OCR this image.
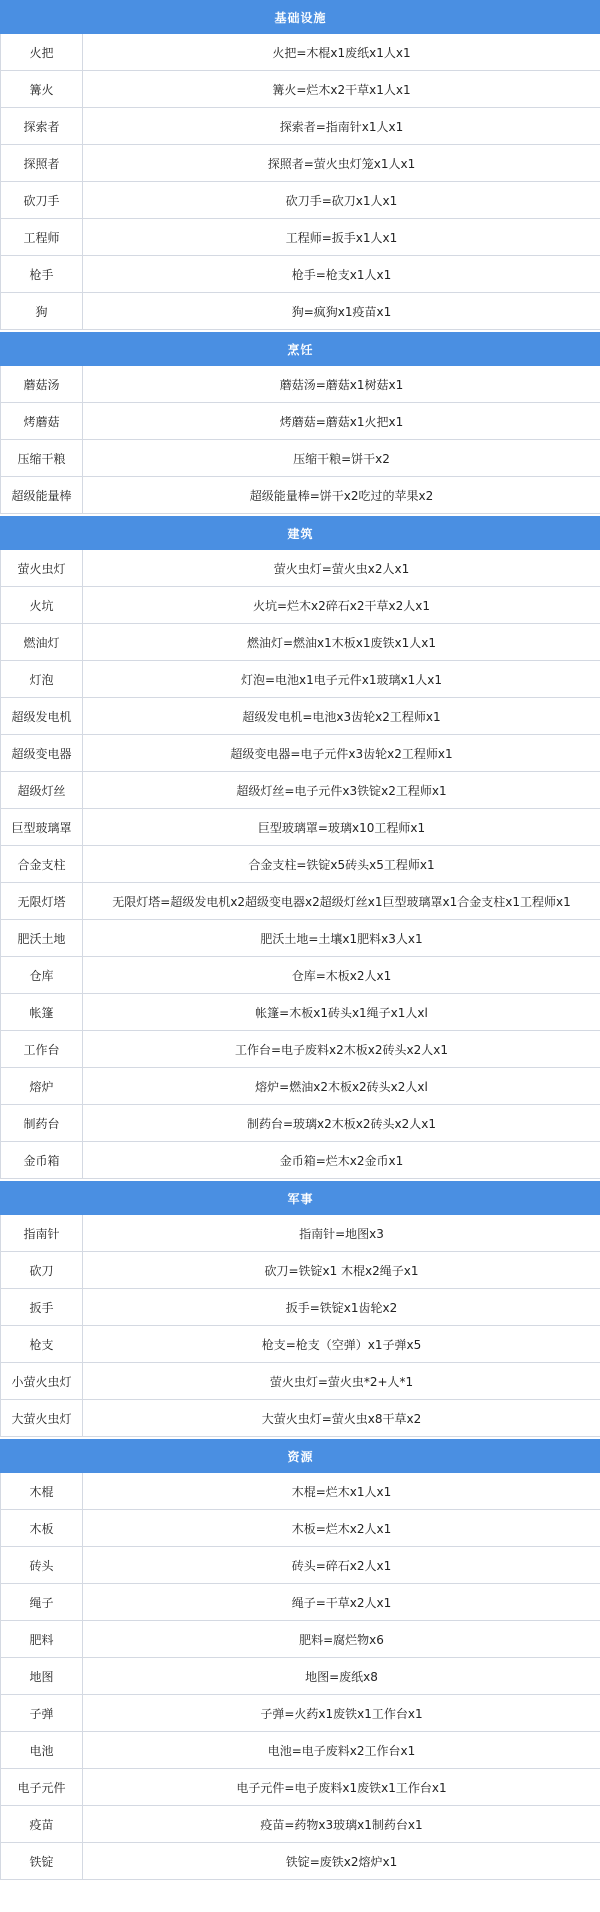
基础设施	
火把	火把=木棍x1废纸x1人x1
篝火	篝火=烂木x2干草x1人x1
探索者	探索者=指南针x1人x1
探照者	探照者=萤火虫灯笼x1人x1
砍刀手	砍刀手=砍刀x1人x1
工程师	工程师=扳手x1人x1
枪手	枪手=枪支x1人x1
狗	狗=疯狗x1疫苗x1

烹饪	
蘑菇汤	蘑菇汤=蘑菇x1树菇x1
烤蘑菇	烤蘑菇=蘑菇x1火把x1
压缩干粮	压缩干粮=饼干x2
超级能量棒	超级能量棒=饼干x2吃过的苹果x2

建筑	
萤火虫灯	萤火虫灯=萤火虫x2人x1
火坑	火坑=烂木x2碎石x2干草x2人x1
燃油灯	燃油灯=燃油x1木板x1废铁x1人x1
灯泡	灯泡=电池x1电子元件x1玻璃x1人x1
超级发电机	超级发电机=电池x3齿轮x2工程师x1
超级变电器	超级变电器=电子元件x3齿轮x2工程师x1
超级灯丝	超级灯丝=电子元件x3铁锭x2工程师x1
巨型玻璃罩	巨型玻璃罩=玻璃x10工程师x1
合金支柱	合金支柱=铁锭x5砖头x5工程师x1
无限灯塔	无限灯塔=超级发电机x2超级变电器x2超级灯丝x1巨型玻璃罩x1合金支柱x1工程师x1
肥沃土地	肥沃土地=土壤x1肥料x3人x1
仓库	仓库=木板x2人x1
帐篷	帐篷=木板x1砖头x1绳子x1人xl
工作台	工作台=电子废料x2木板x2砖头x2人x1
熔炉	熔炉=燃油x2木板x2砖头x2人xl
制药台	制药台=玻璃x2木板x2砖头x2人x1
金币箱	金币箱=烂木x2金币x1

军事	
指南针	指南针=地图x3
砍刀	砍刀=铁锭x1 木棍x2绳子x1
扳手	扳手=铁锭x1齿轮x2
枪支	枪支=枪支（空弹）x1子弹x5
小萤火虫灯	萤火虫灯=萤火虫*2+人*1
大萤火虫灯	大萤火虫灯=萤火虫x8干草x2

资源	
木棍	木棍=烂木x1人x1
木板	木板=烂木x2人x1
砖头	砖头=碎石x2人x1
绳子	绳子=干草x2人x1
肥料	肥料=腐烂物x6
地图	地图=废纸x8
子弹	子弹=火药x1废铁x1工作台x1
电池	电池=电子废料x2工作台x1
电子元件	电子元件=电子废料x1废铁x1工作台x1
疫苗	疫苗=药物x3玻璃x1制药台x1
铁锭	铁锭=废铁x2熔炉x1
